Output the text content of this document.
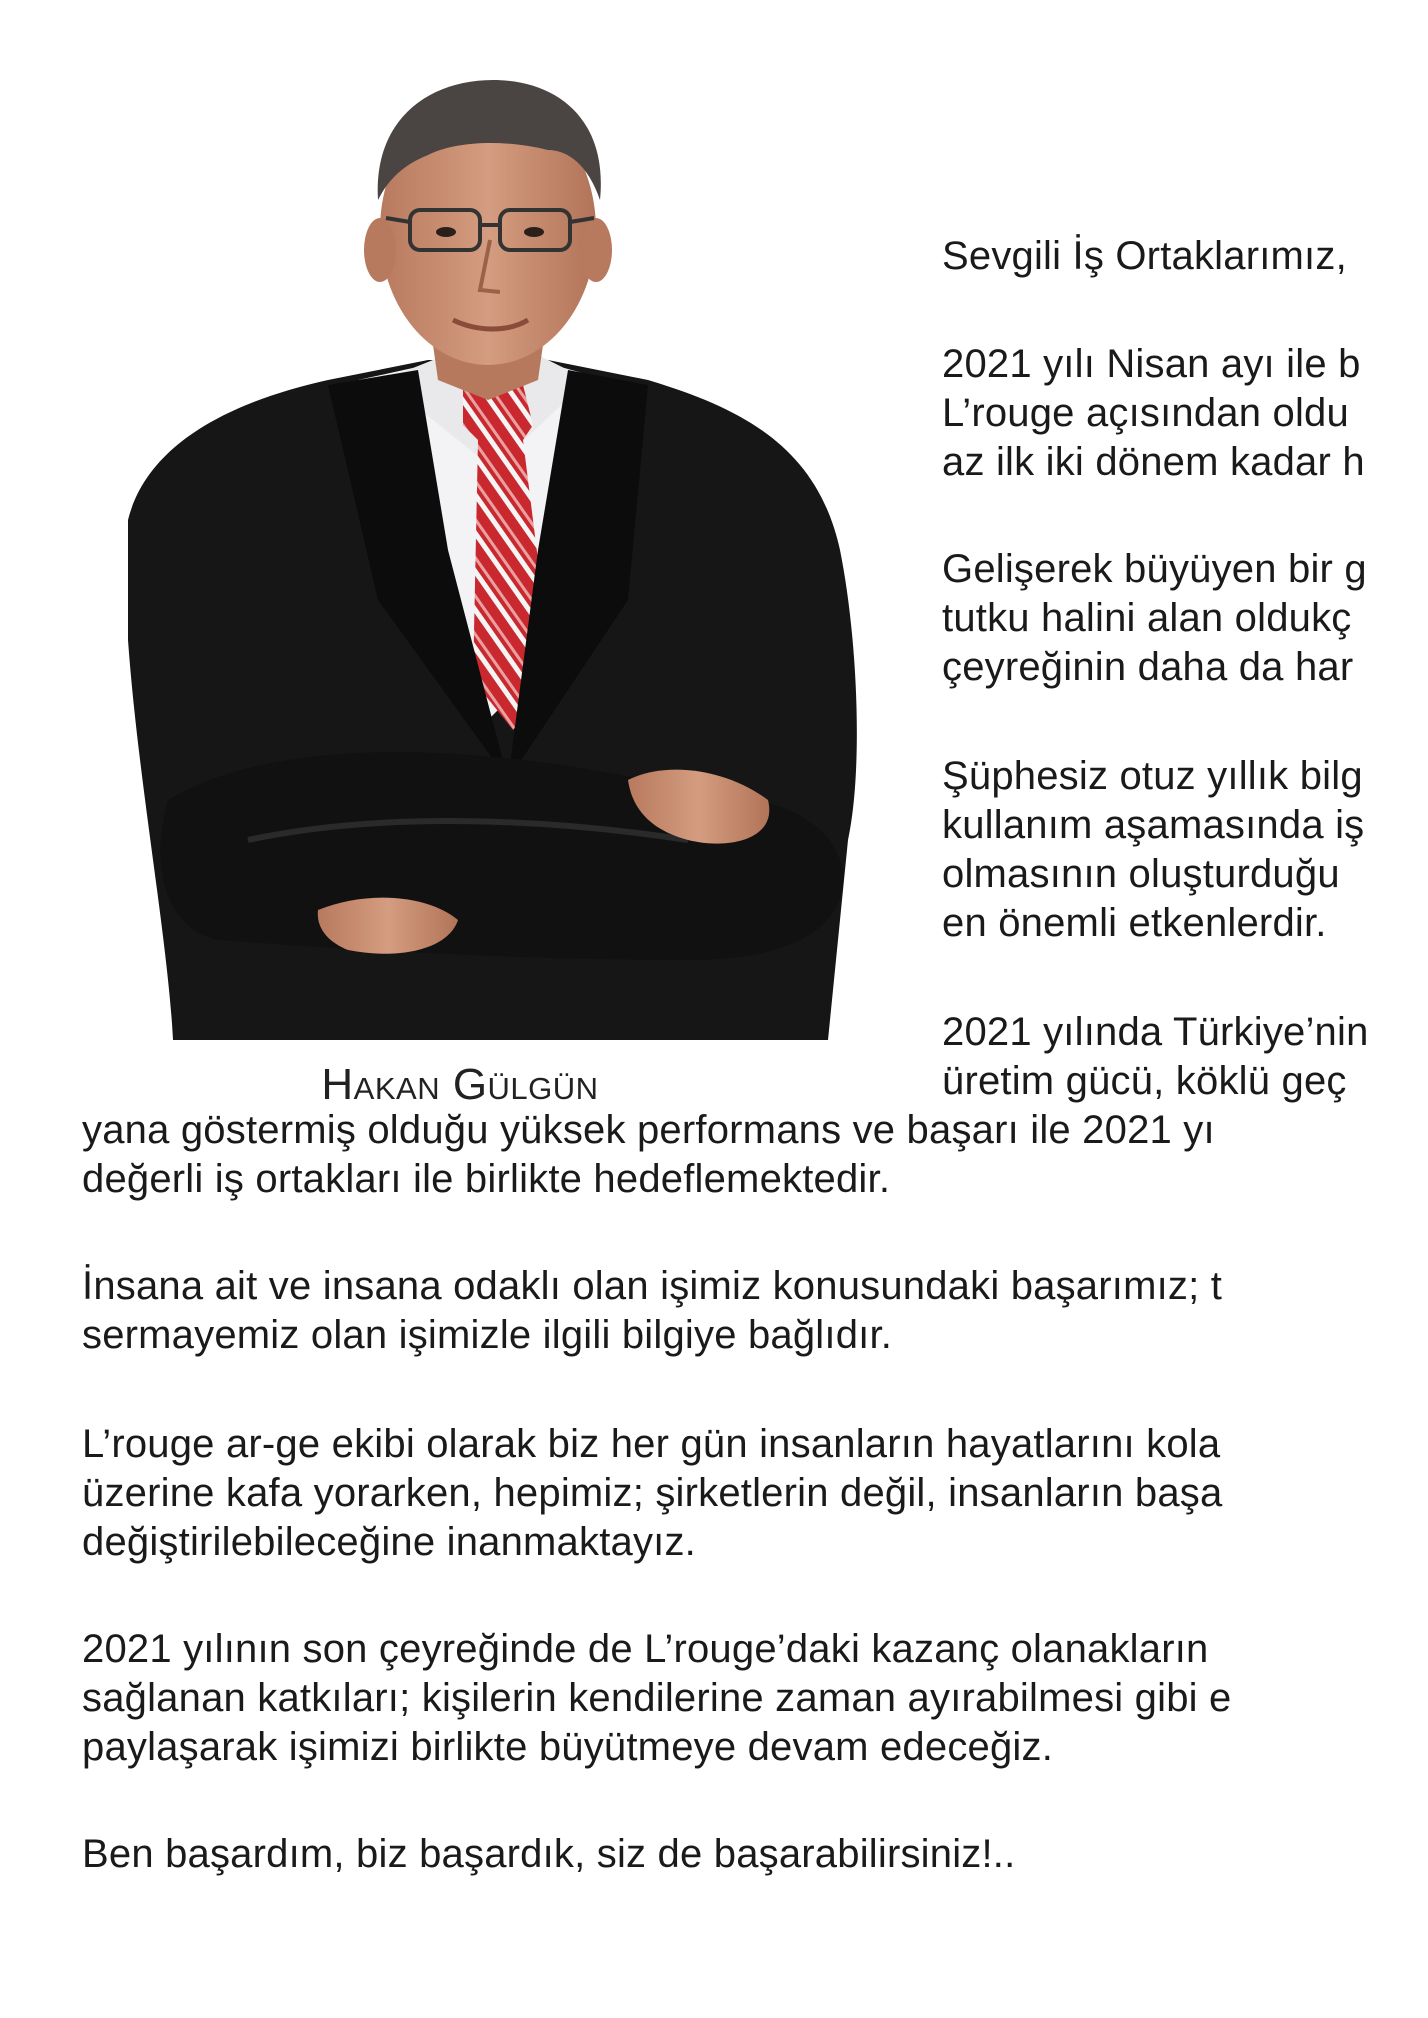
Hakan Gülgün
Sevgili İş Ortaklarımız,
2021 yılı Nisan ayı ile b
L’rouge açısından oldu
az ilk iki dönem kadar h
Gelişerek büyüyen bir g
tutku halini alan oldukç
çeyreğinin daha da har
Şüphesiz otuz yıllık bilg
kullanım aşamasında iş
olmasının oluşturduğu
en önemli etkenlerdir.
2021 yılında Türkiye’nin
üretim gücü, köklü geç
yana göstermiş olduğu yüksek performans ve başarı ile 2021 yı
değerli iş ortakları ile birlikte hedeflemektedir.
İnsana ait ve insana odaklı olan işimiz konusundaki başarımız; t
sermayemiz olan işimizle ilgili bilgiye bağlıdır.
L’rouge ar-ge ekibi olarak biz her gün insanların hayatlarını kola
üzerine kafa yorarken, hepimiz; şirketlerin değil, insanların başa
değiştirilebileceğine inanmaktayız.
2021 yılının son çeyreğinde de L’rouge’daki kazanç olanakların
sağlanan katkıları; kişilerin kendilerine zaman ayırabilmesi gibi e
paylaşarak işimizi birlikte büyütmeye devam edeceğiz.
Ben başardım, biz başardık, siz de başarabilirsiniz!..
